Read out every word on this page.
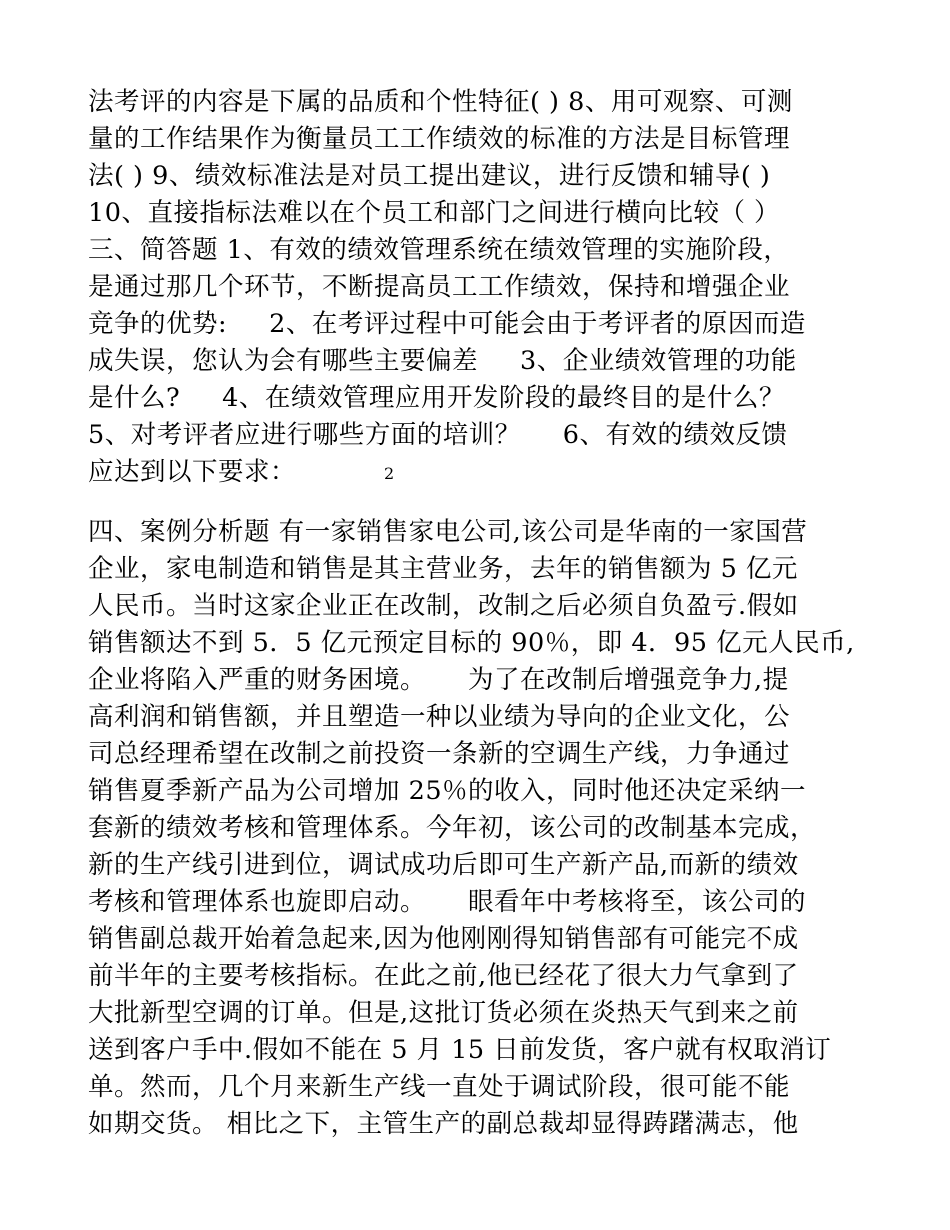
法考评的内容是下属的品质和个性特征( ) 8、用可观察、可测
量的工作结果作为衡量员工工作绩效的标准的方法是目标管理
法( ) 9、绩效标准法是对员工提出建议，进行反馈和辅导( )
10、直接指标法难以在个员工和部门之间进行横向比较（ ）
三、简答题 1、有效的绩效管理系统在绩效管理的实施阶段，
是通过那几个环节，不断提高员工工作绩效，保持和增强企业
竞争的优势: 2、在考评过程中可能会由于考评者的原因而造
成失误，您认为会有哪些主要偏差 3、企业绩效管理的功能
是什么? 4、在绩效管理应用开发阶段的最终目的是什么？
5、对考评者应进行哪些方面的培训？ 6、有效的绩效反馈
应达到以下要求：	2
四、案例分析题 有一家销售家电公司,该公司是华南的一家国营
企业，家电制造和销售是其主营业务，去年的销售额为 5 亿元
人民币。当时这家企业正在改制，改制之后必须自负盈亏.假如
销售额达不到 5．5 亿元预定目标的 90％，即 4．95 亿元人民币,
企业将陷入严重的财务困境。 为了在改制后增强竞争力,提
高利润和销售额，并且塑造一种以业绩为导向的企业文化，公
司总经理希望在改制之前投资一条新的空调生产线，力争通过
销售夏季新产品为公司增加 25％的收入，同时他还决定采纳一
套新的绩效考核和管理体系。今年初，该公司的改制基本完成，
新的生产线引进到位，调试成功后即可生产新产品,而新的绩效
考核和管理体系也旋即启动。 眼看年中考核将至，该公司的
销售副总裁开始着急起来,因为他刚刚得知销售部有可能完不成
前半年的主要考核指标。在此之前,他已经花了很大力气拿到了
大批新型空调的订单。但是,这批订货必须在炎热天气到来之前
送到客户手中.假如不能在 5 月 15 日前发货，客户就有权取消订
单。然而，几个月来新生产线一直处于调试阶段，很可能不能
如期交货。 相比之下，主管生产的副总裁却显得踌躇满志，他
